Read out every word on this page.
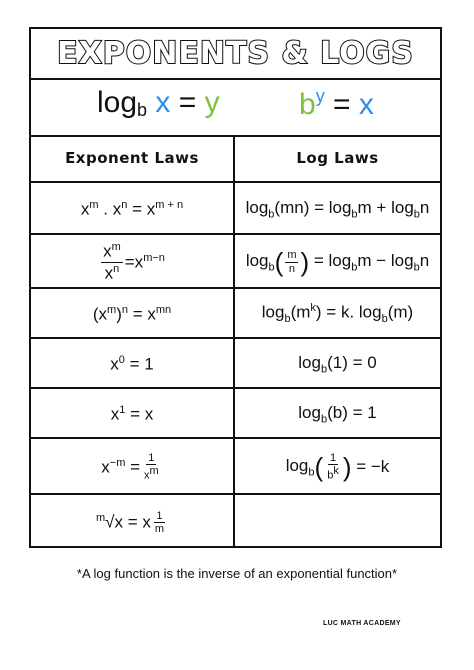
EXPONENTS & LOGS
logb x = y	$b^y = x$
Exponent Laws	Log Laws
$x^m$ . $x^n = x^{m + n}$	$\log_b(mn) = \log_bm + \log_bn$
$\frac{x^m}{x^n} =x^{m-n}$	$\log_b$ ( $\frac{m}{n}$ ) = $\log_bm - \log_bn$
$(x^m)^n = x^{mn}$	$\log_b(m^k) = k$. $\log_b(m)$
$x^0 = 1$	$\log_b(1) = 0$
$x^1 = x$	$\log_b(b) = 1$
$x^{-m} = \frac{1}{x^m}$	$\log_b$ ( $\frac{1}{b^k}$ ) = −k
$^m$√x = x $\frac{1}{m}$
*A log function is the inverse of an exponential function*
LUC MATH ACADEMY
